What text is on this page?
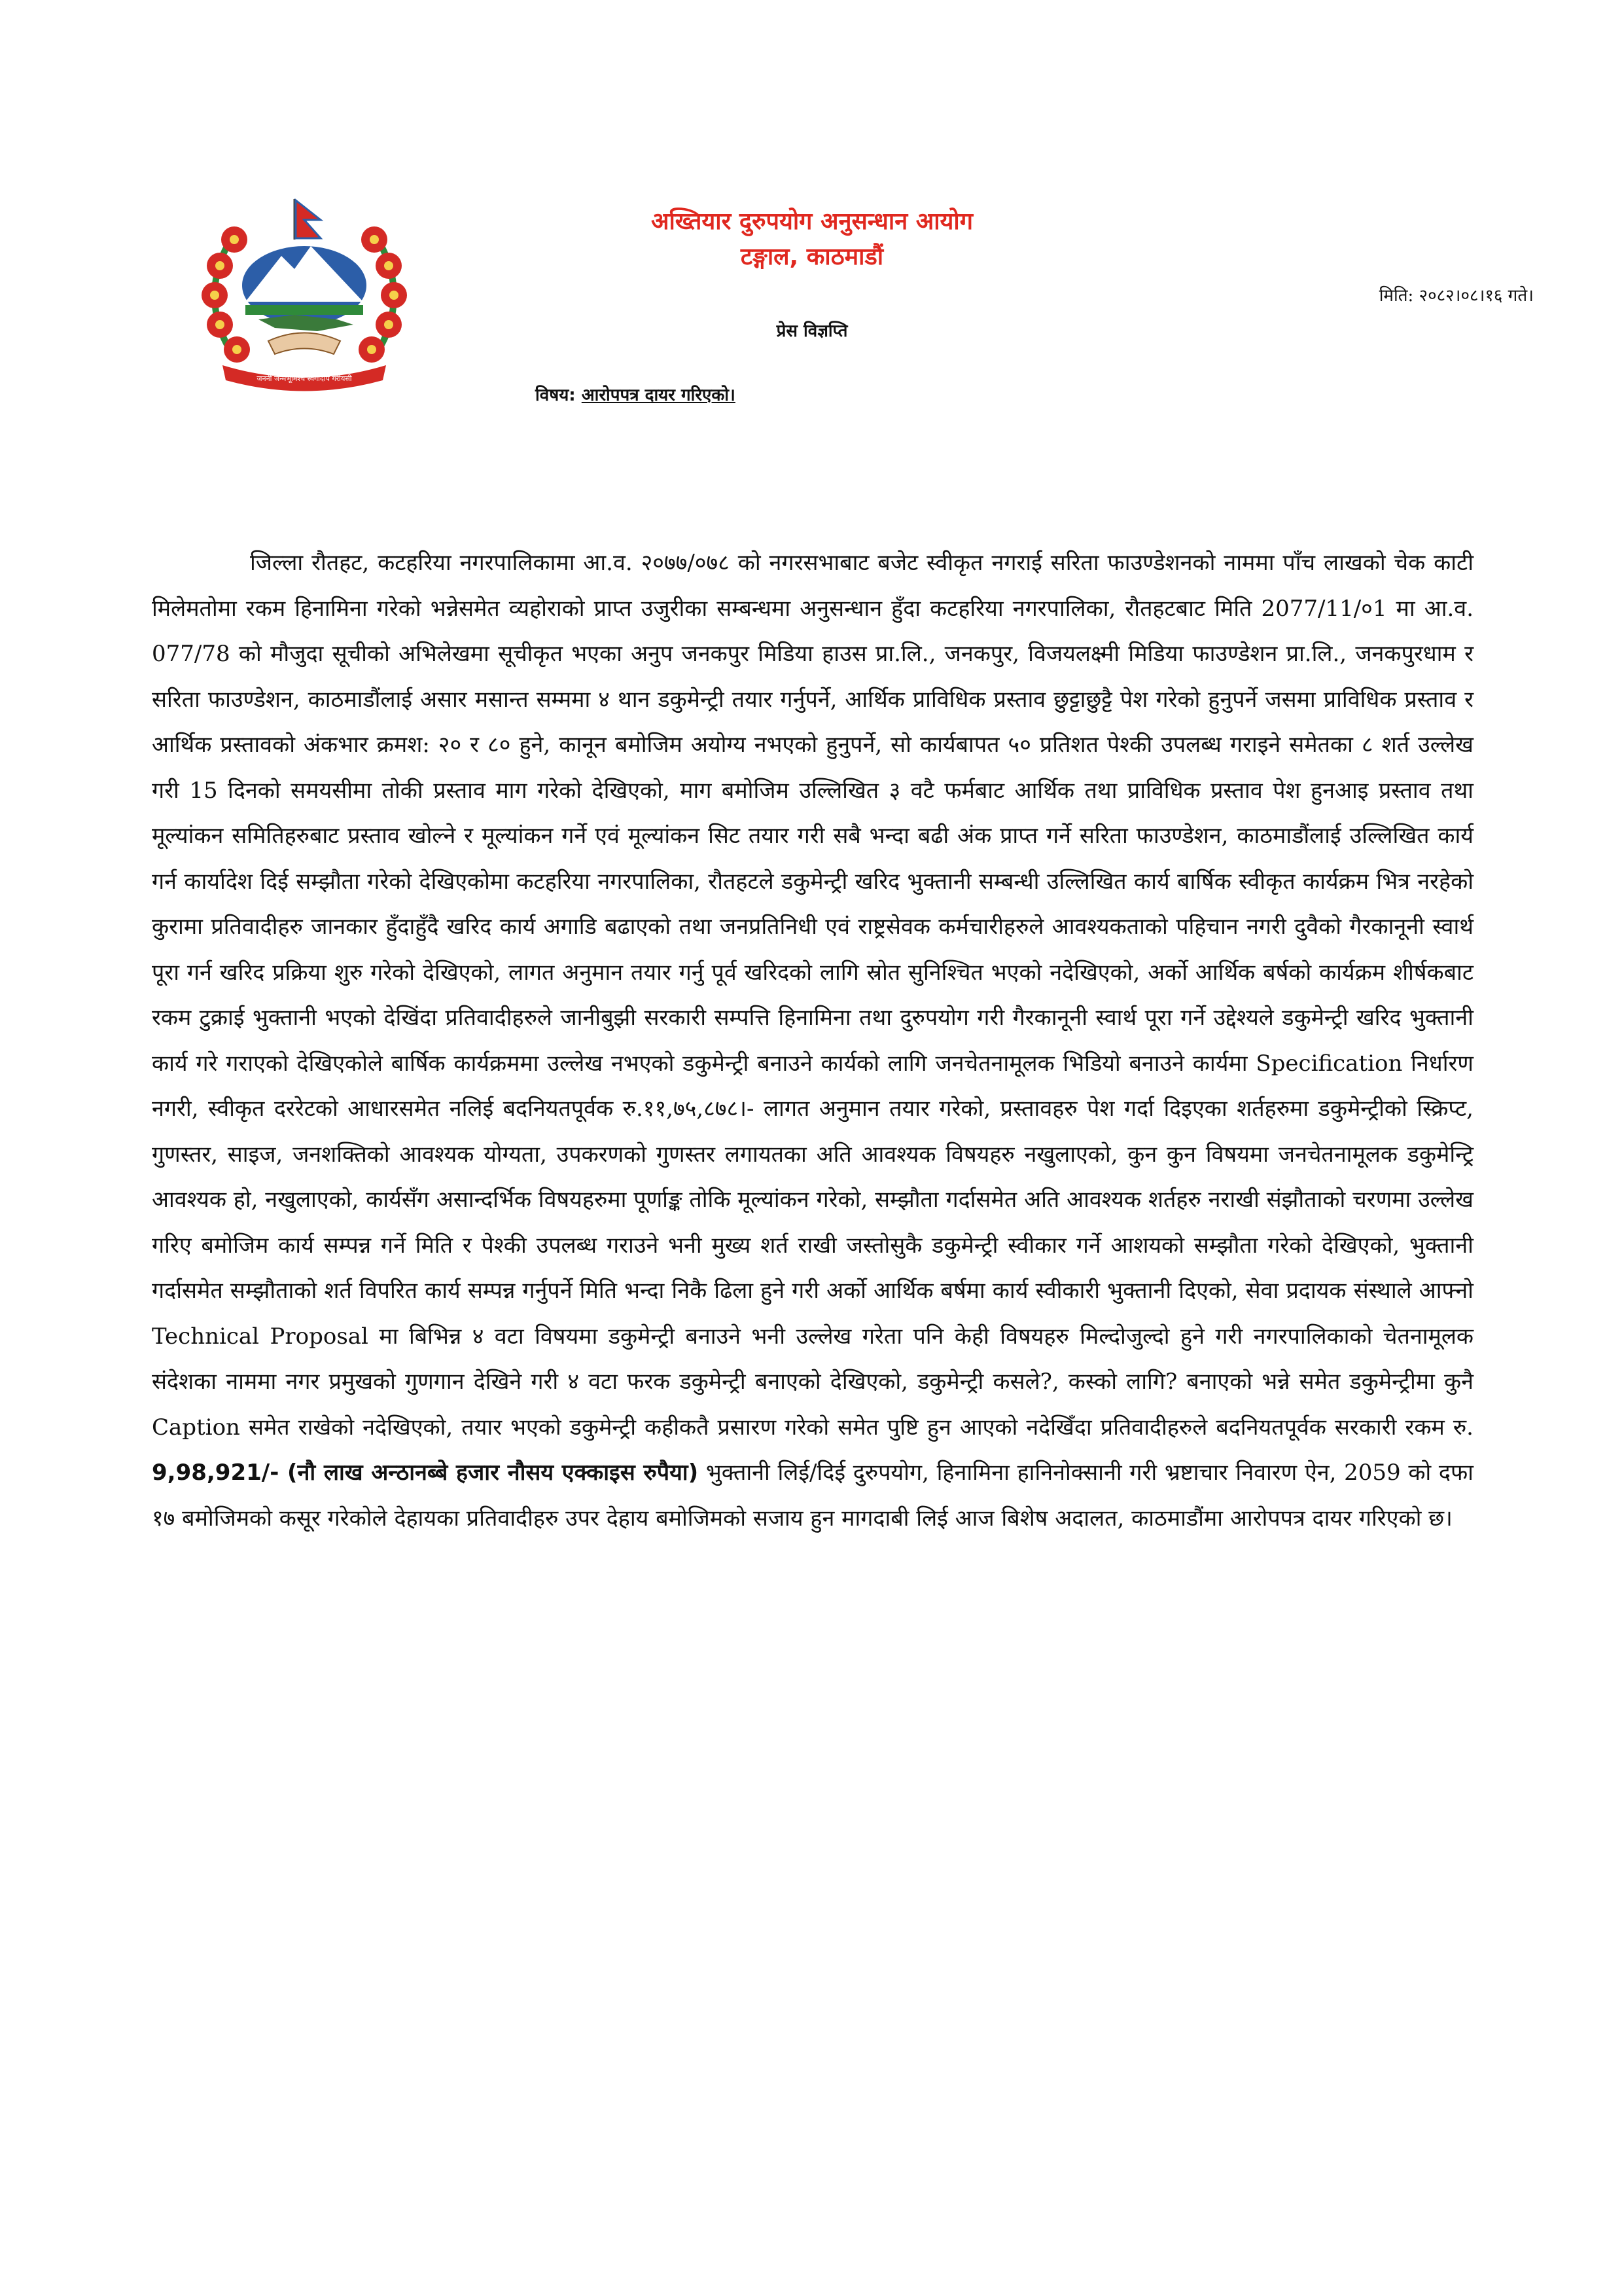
जननी जन्मभूमिश्च स्वर्गादपि गरीयसी
अख्तियार दुरुपयोग अनुसन्धान आयोग
टङ्गाल, काठमाडौं
मिति: २०८२।०८।१६ गते।
प्रेस विज्ञप्ति
विषय: आरोपपत्र दायर गरिएको।

जिल्ला रौतहट, कटहरिया नगरपालिकामा आ.व. २०७७/०७८ को नगरसभाबाट बजेट स्वीकृत नगराई सरिता फाउण्डेशनको नाममा पाँच लाखको चेक काटी मिलेमतोमा रकम हिनामिना गरेको भन्नेसमेत व्यहोराको प्राप्त उजुरीका सम्बन्धमा अनुसन्धान हुँदा कटहरिया नगरपालिका, रौतहटबाट मिति 2077/11/०1 मा आ.व. 077/78 को मौजुदा सूचीको अभिलेखमा सूचीकृत भएका अनुप जनकपुर मिडिया हाउस प्रा.लि., जनकपुर, विजयलक्ष्मी मिडिया फाउण्डेशन प्रा.लि., जनकपुरधाम र सरिता फाउण्डेशन, काठमाडौंलाई असार मसान्त सम्ममा ४ थान डकुमेन्ट्री तयार गर्नुपर्ने, आर्थिक प्राविधिक प्रस्ताव छुट्टाछुट्टै पेश गरेको हुनुपर्ने जसमा प्राविधिक प्रस्ताव र आर्थिक प्रस्तावको अंकभार क्रमश: २० र ८० हुने, कानून बमोजिम अयोग्य नभएको हुनुपर्ने, सो कार्यबापत ५० प्रतिशत पेश्की उपलब्ध गराइने समेतका ८ शर्त उल्लेख गरी 15 दिनको समयसीमा तोकी प्रस्ताव माग गरेको देखिएको, माग बमोजिम उल्लिखित ३ वटै फर्मबाट आर्थिक तथा प्राविधिक प्रस्ताव पेश हुनआइ प्रस्ताव तथा मूल्यांकन समितिहरुबाट प्रस्ताव खोल्ने र मूल्यांकन गर्ने एवं मूल्यांकन सिट तयार गरी सबै भन्दा बढी अंक प्राप्त गर्ने सरिता फाउण्डेशन, काठमाडौंलाई उल्लिखित कार्य गर्न कार्यादेश दिई सम्झौता गरेको देखिएकोमा कटहरिया नगरपालिका, रौतहटले डकुमेन्ट्री खरिद भुक्तानी सम्बन्धी उल्लिखित कार्य बार्षिक स्वीकृत कार्यक्रम भित्र नरहेको कुरामा प्रतिवादीहरु जानकार हुँदाहुँदै खरिद कार्य अगाडि बढाएको तथा जनप्रतिनिधी एवं राष्ट्रसेवक कर्मचारीहरुले आवश्यकताको पहिचान नगरी दुवैको गैरकानूनी स्वार्थ पूरा गर्न खरिद प्रक्रिया शुरु गरेको देखिएको, लागत अनुमान तयार गर्नु पूर्व खरिदको लागि स्रोत सुनिश्चित भएको नदेखिएको, अर्को आर्थिक बर्षको कार्यक्रम शीर्षकबाट रकम टुक्राई भुक्तानी भएको देखिंदा प्रतिवादीहरुले जानीबुझी सरकारी सम्पत्ति हिनामिना तथा दुरुपयोग गरी गैरकानूनी स्वार्थ पूरा गर्ने उद्देश्यले डकुमेन्ट्री खरिद भुक्तानी कार्य गरे गराएको देखिएकोले बार्षिक कार्यक्रममा उल्लेख नभएको डकुमेन्ट्री बनाउने कार्यको लागि जनचेतनामूलक भिडियो बनाउने कार्यमा Specification निर्धारण नगरी, स्वीकृत दररेटको आधारसमेत नलिई बदनियतपूर्वक रु.११,७५,८७८।- लागत अनुमान तयार गरेको, प्रस्तावहरु पेश गर्दा दिइएका शर्तहरुमा डकुमेन्ट्रीको स्क्रिप्ट, गुणस्तर, साइज, जनशक्तिको आवश्यक योग्यता, उपकरणको गुणस्तर लगायतका अति आवश्यक विषयहरु नखुलाएको, कुन कुन विषयमा जनचेतनामूलक डकुमेन्ट्रि आवश्यक हो, नखुलाएको, कार्यसँग असान्दर्भिक विषयहरुमा पूर्णाङ्क तोकि मूल्यांकन गरेको, सम्झौता गर्दासमेत अति आवश्यक शर्तहरु नराखी संझौताको चरणमा उल्लेख गरिए बमोजिम कार्य सम्पन्न गर्ने मिति र पेश्की उपलब्ध गराउने भनी मुख्य शर्त राखी जस्तोसुकै डकुमेन्ट्री स्वीकार गर्ने आशयको सम्झौता गरेको देखिएको, भुक्तानी गर्दासमेत सम्झौताको शर्त विपरित कार्य सम्पन्न गर्नुपर्ने मिति भन्दा निकै ढिला हुने गरी अर्को आर्थिक बर्षमा कार्य स्वीकारी भुक्तानी दिएको, सेवा प्रदायक संस्थाले आफ्नो Technical Proposal मा बिभिन्न ४ वटा विषयमा डकुमेन्ट्री बनाउने भनी उल्लेख गरेता पनि केही विषयहरु मिल्दोजुल्दो हुने गरी नगरपालिकाको चेतनामूलक संदेशका नाममा नगर प्रमुखको गुणगान देखिने गरी ४ वटा फरक डकुमेन्ट्री बनाएको देखिएको, डकुमेन्ट्री कसले?, कस्को लागि? बनाएको भन्ने समेत डकुमेन्ट्रीमा कुनै Caption समेत राखेको नदेखिएको, तयार भएको डकुमेन्ट्री कहीकतै प्रसारण गरेको समेत पुष्टि हुन आएको नदेखिँदा प्रतिवादीहरुले बदनियतपूर्वक सरकारी रकम रु. 9,98,921/- (नौ लाख अन्ठानब्बे हजार नौसय एक्काइस रुपैया) भुक्तानी लिई/दिई दुरुपयोग, हिनामिना हानिनोक्सानी गरी भ्रष्टाचार निवारण ऐन, 2059 को दफा १७ बमोजिमको कसूर गरेकोले देहायका प्रतिवादीहरु उपर देहाय बमोजिमको सजाय हुन मागदाबी लिई आज बिशेष अदालत, काठमाडौंमा आरोपपत्र दायर गरिएको छ।
